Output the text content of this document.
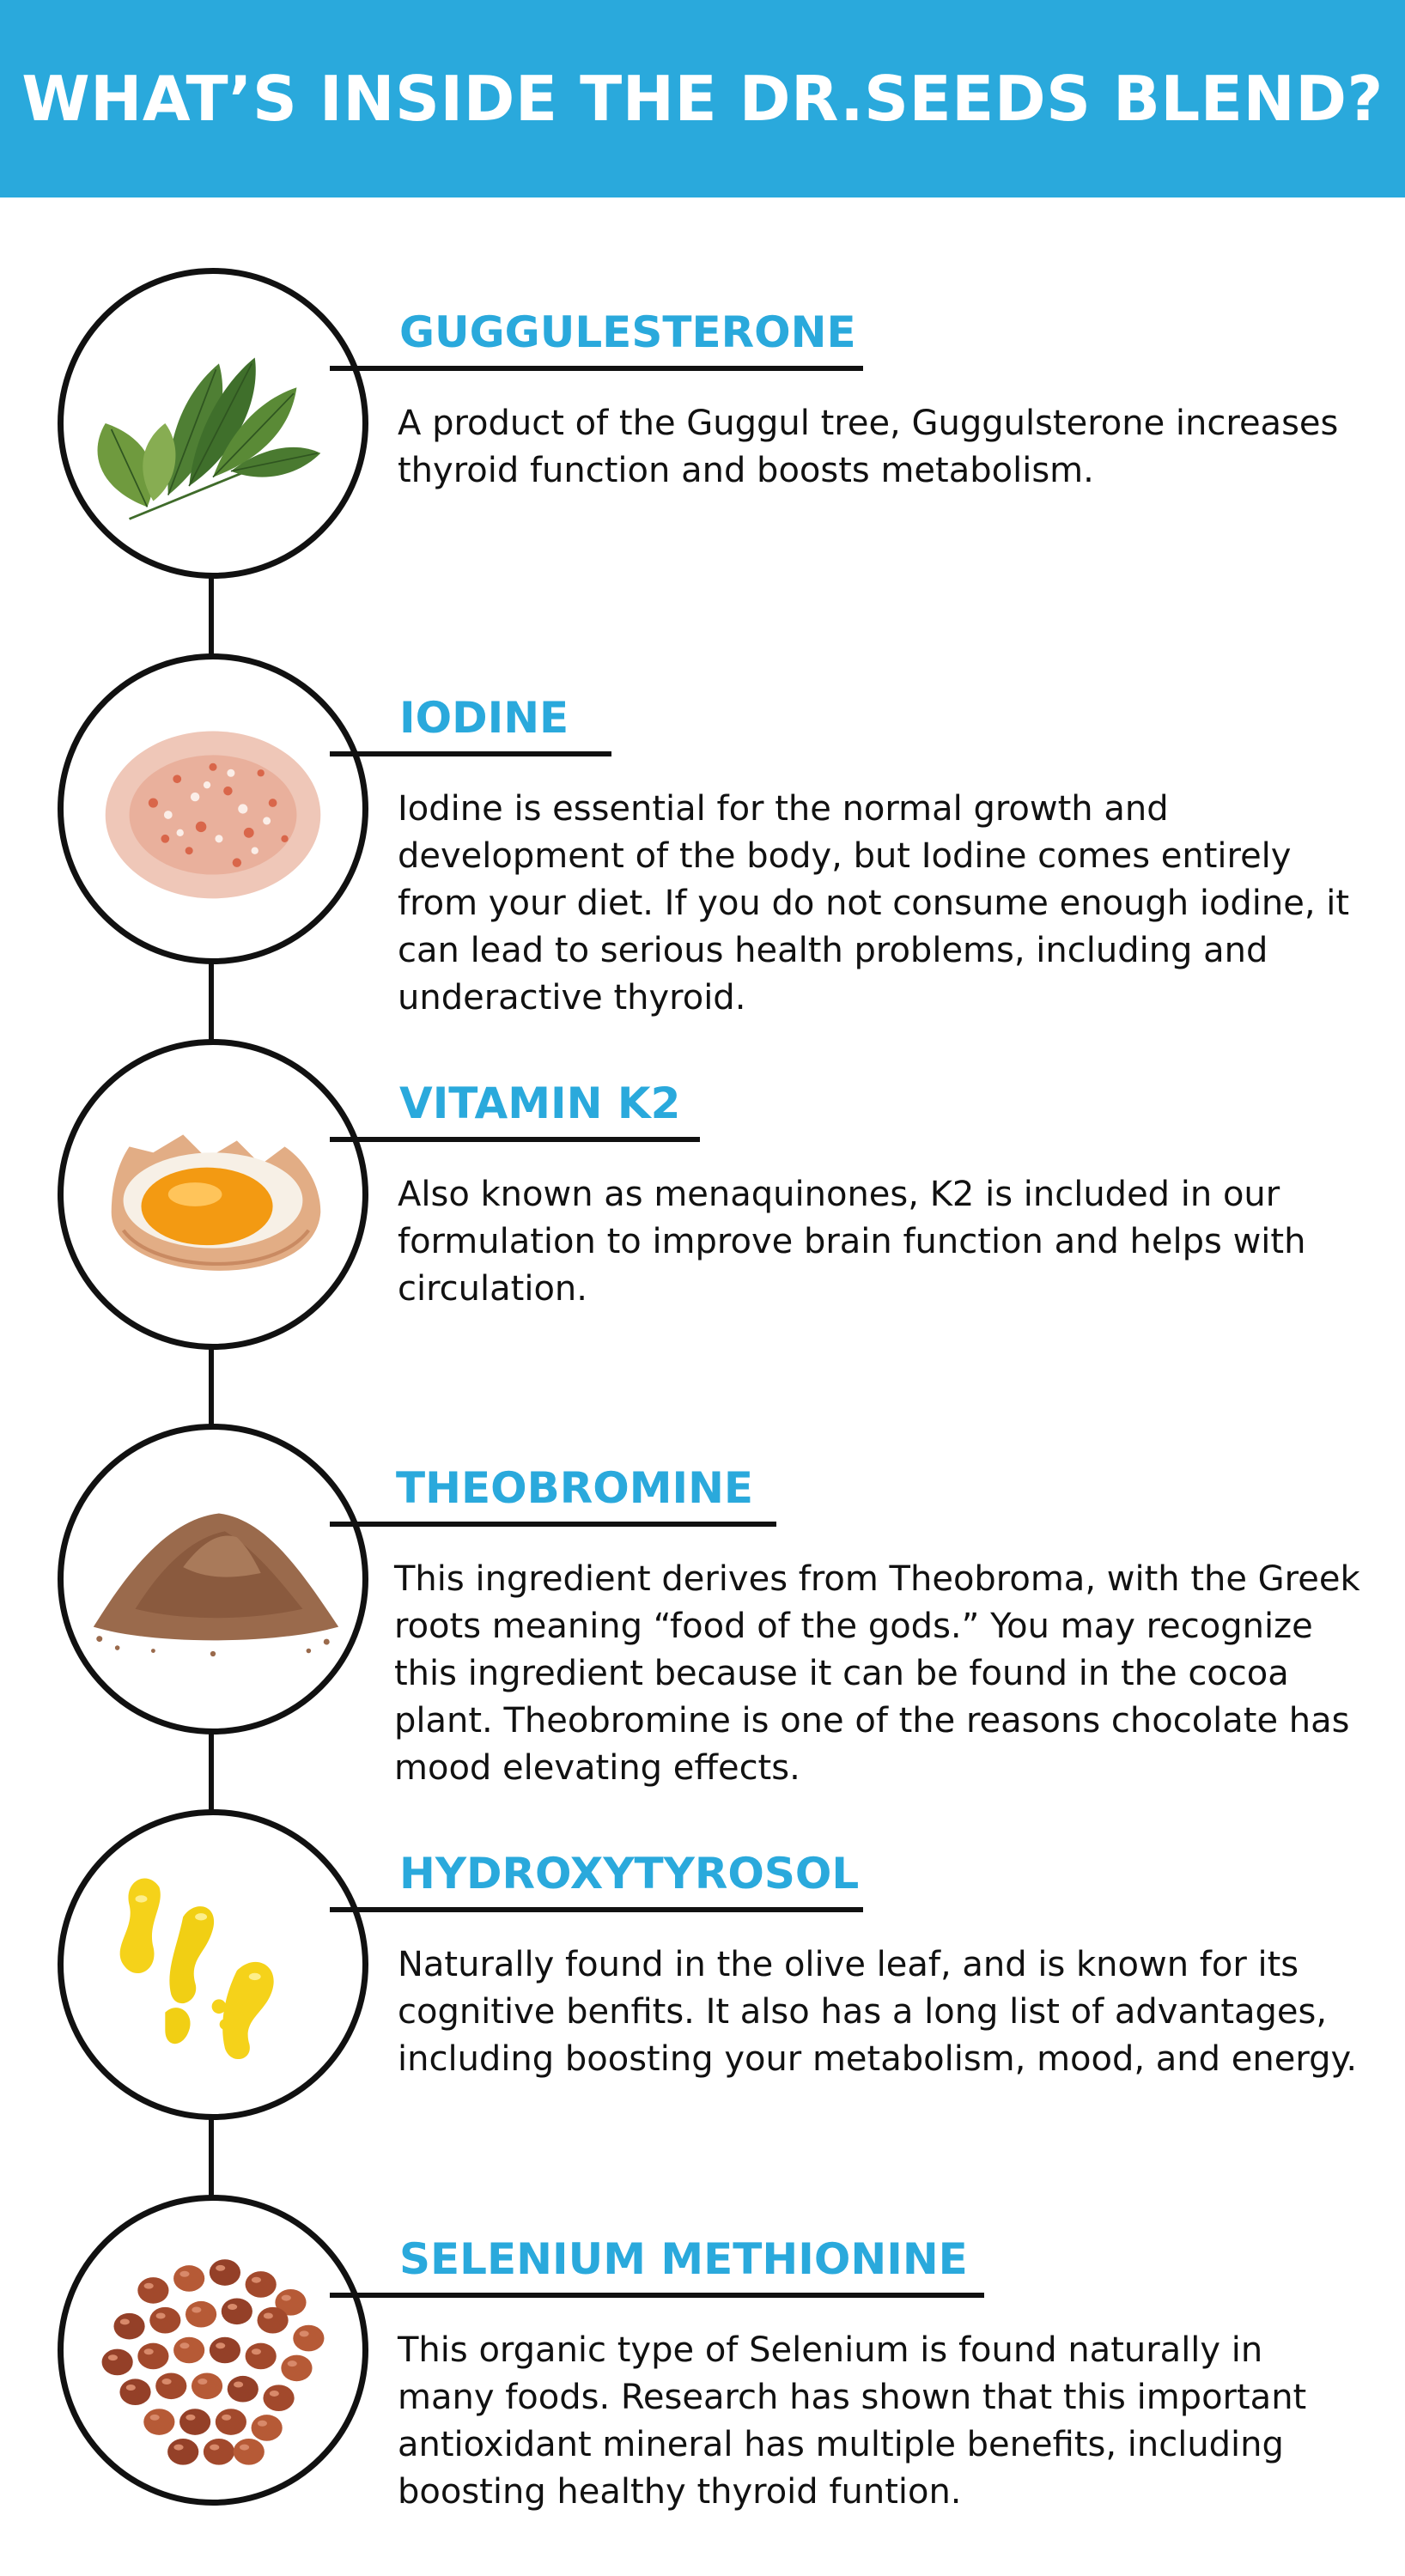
WHAT’S INSIDE THE DR.SEEDS BLEND?
GUGGULESTERONE

A product of the Guggul tree, Guggulsterone increases thyroid function and boosts metabolism.

IODINE

Iodine is essential for the normal growth and development of the body, but Iodine comes entirely from your diet. If you do not consume enough iodine, it can lead to serious health problems, including and underactive thyroid.

VITAMIN K2

Also known as menaquinones, K2 is included in our formulation to improve brain function and helps with circulation.

THEOBROMINE

This ingredient derives from Theobroma, with the Greek roots meaning “food of the gods.” You may recognize this ingredient because it can be found in the cocoa plant. Theobromine is one of the reasons chocolate has mood elevating effects.

HYDROXYTYROSOL

Naturally found in the olive leaf, and is known for its cognitive benfits. It also has a long list of advantages, including boosting your metabolism, mood, and energy.

SELENIUM METHIONINE

This organic type of Selenium is found naturally in many foods. Research has shown that this important antioxidant mineral has multiple benefits, including boosting healthy thyroid funtion.
